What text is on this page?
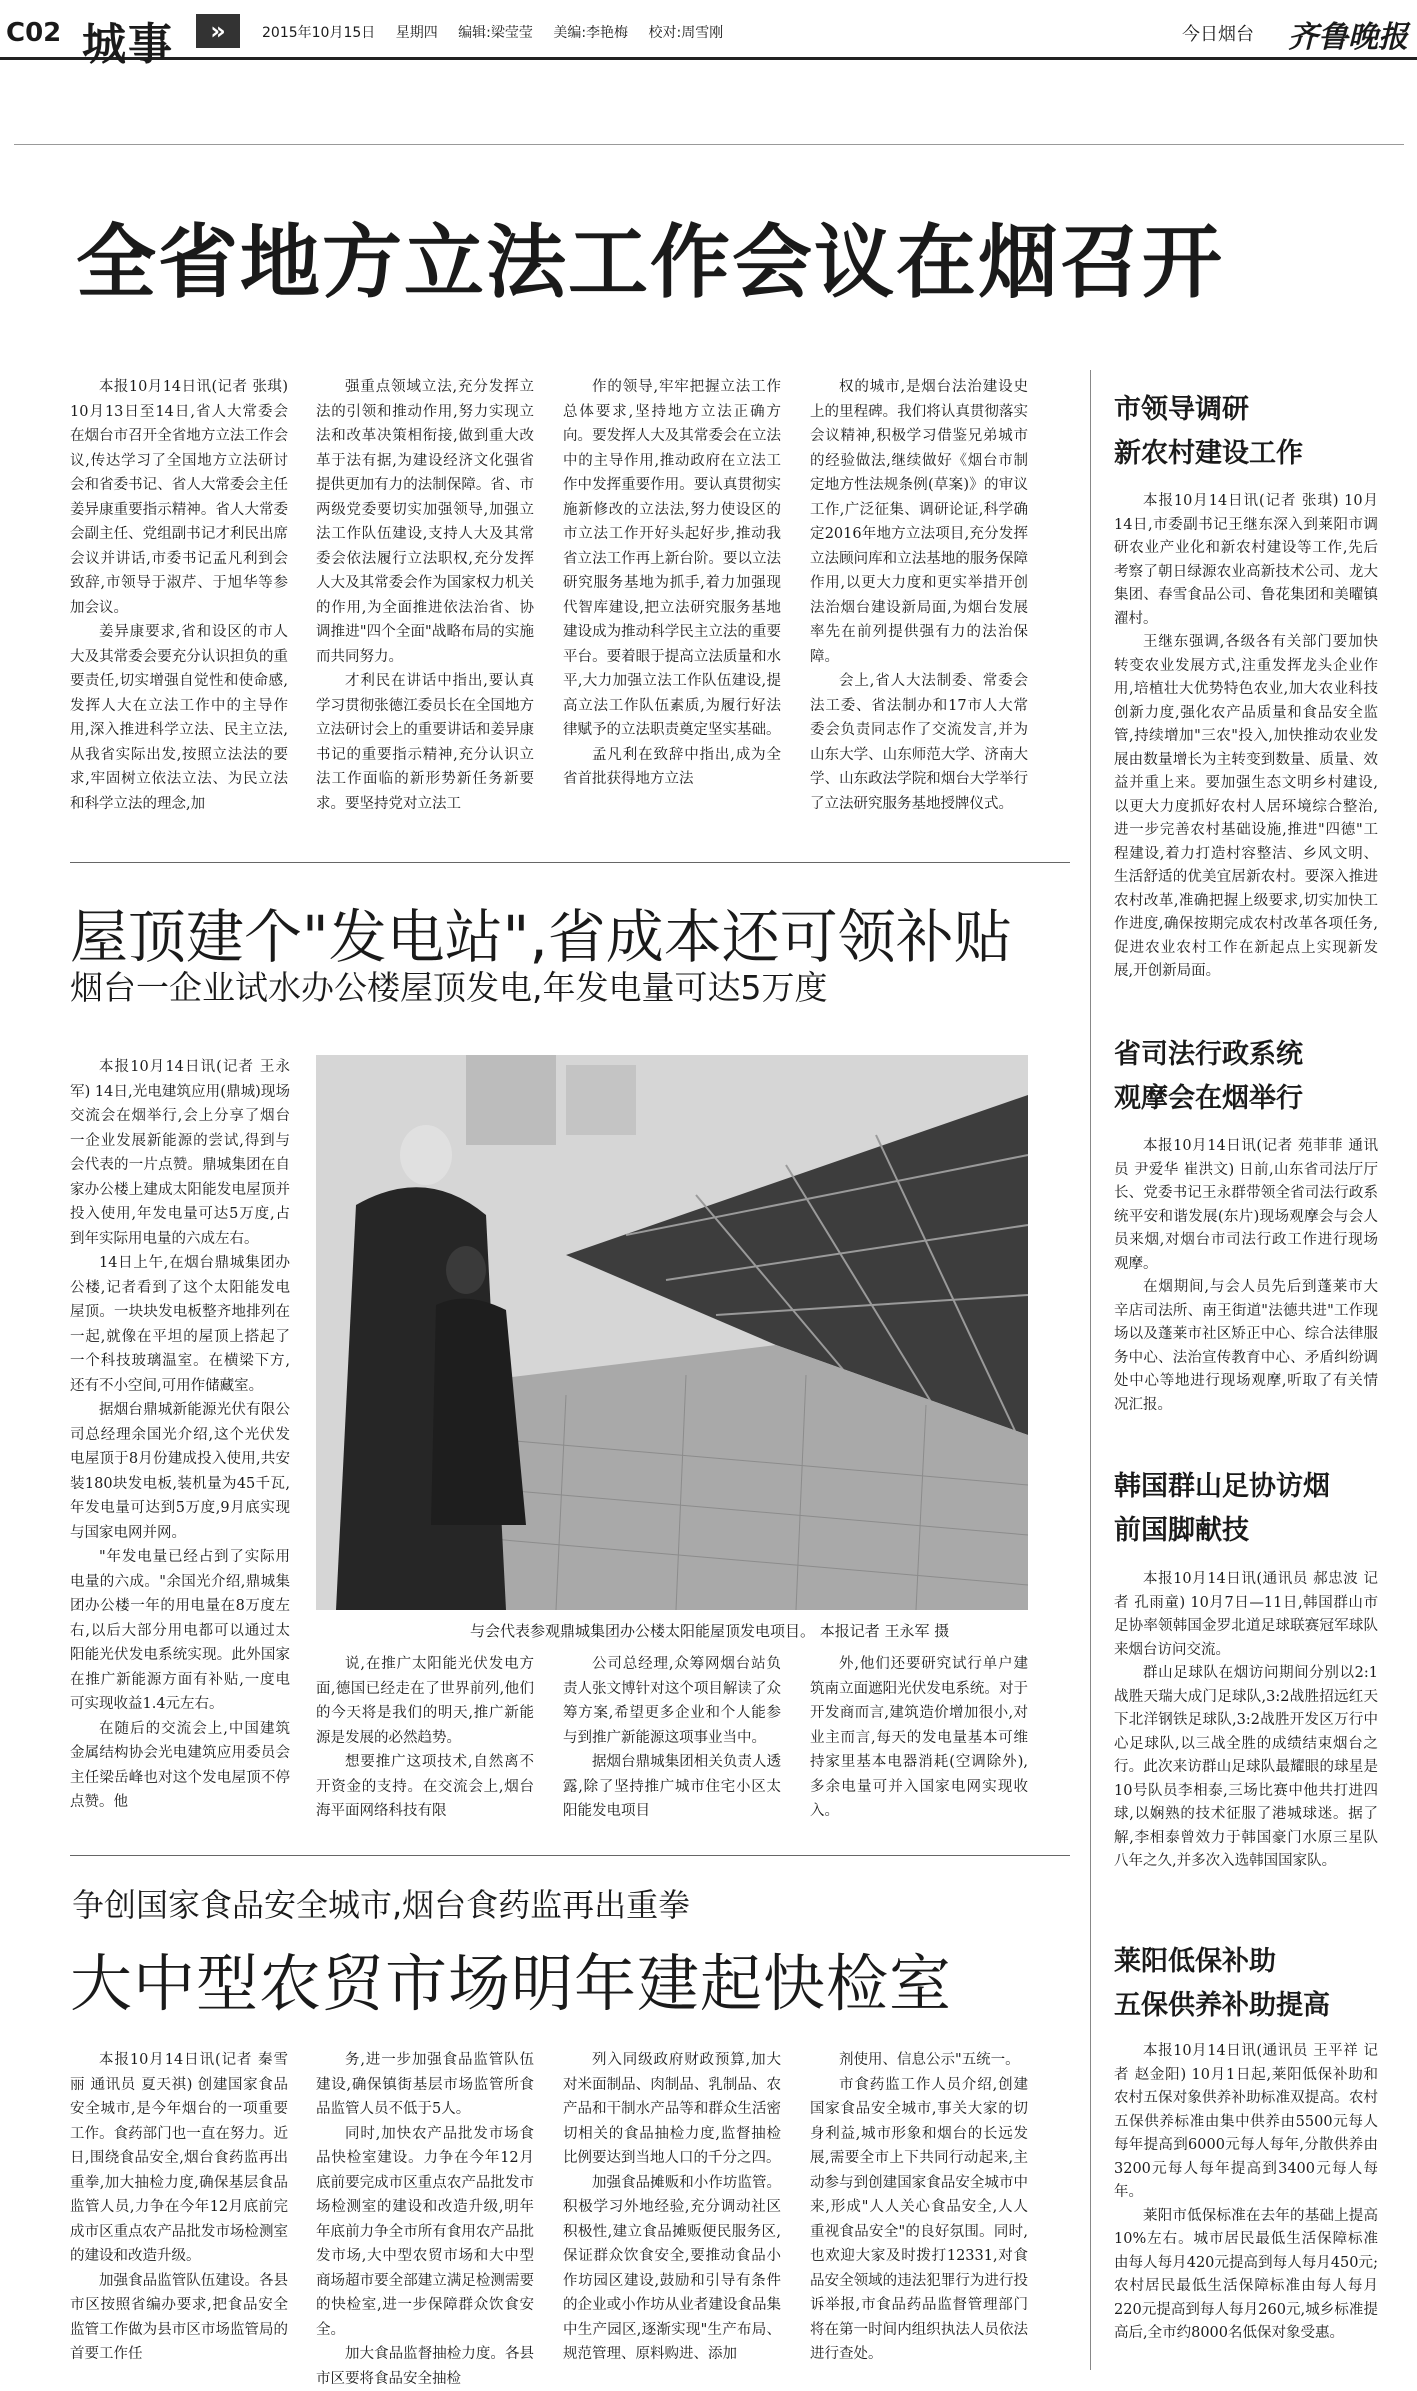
C02 城事	»	2015年10月15日 星期四 编辑:梁莹莹 美编:李艳梅 校对:周雪刚	今日烟台 齐鲁晚报
全省地方立法工作会议在烟召开

本报10月14日讯(记者 张琪) 10月13日至14日,省人大常委会在烟台市召开全省地方立法工作会议,传达学习了全国地方立法研讨会和省委书记、省人大常委会主任姜异康重要指示精神。省人大常委会副主任、党组副书记才利民出席会议并讲话,市委书记孟凡利到会致辞,市领导于淑芹、于旭华等参加会议。

姜异康要求,省和设区的市人大及其常委会要充分认识担负的重要责任,切实增强自觉性和使命感,发挥人大在立法工作中的主导作用,深入推进科学立法、民主立法,从我省实际出发,按照立法法的要求,牢固树立依法立法、为民立法和科学立法的理念,加

强重点领域立法,充分发挥立法的引领和推动作用,努力实现立法和改革决策相衔接,做到重大改革于法有据,为建设经济文化强省提供更加有力的法制保障。省、市两级党委要切实加强领导,加强立法工作队伍建设,支持人大及其常委会依法履行立法职权,充分发挥人大及其常委会作为国家权力机关的作用,为全面推进依法治省、协调推进"四个全面"战略布局的实施而共同努力。

才利民在讲话中指出,要认真学习贯彻张德江委员长在全国地方立法研讨会上的重要讲话和姜异康书记的重要指示精神,充分认识立法工作面临的新形势新任务新要求。要坚持党对立法工

作的领导,牢牢把握立法工作总体要求,坚持地方立法正确方向。要发挥人大及其常委会在立法中的主导作用,推动政府在立法工作中发挥重要作用。要认真贯彻实施新修改的立法法,努力使设区的市立法工作开好头起好步,推动我省立法工作再上新台阶。要以立法研究服务基地为抓手,着力加强现代智库建设,把立法研究服务基地建设成为推动科学民主立法的重要平台。要着眼于提高立法质量和水平,大力加强立法工作队伍建设,提高立法工作队伍素质,为履行好法律赋予的立法职责奠定坚实基础。

孟凡利在致辞中指出,成为全省首批获得地方立法

权的城市,是烟台法治建设史上的里程碑。我们将认真贯彻落实会议精神,积极学习借鉴兄弟城市的经验做法,继续做好《烟台市制定地方性法规条例(草案)》的审议工作,广泛征集、调研论证,科学确定2016年地方立法项目,充分发挥立法顾问库和立法基地的服务保障作用,以更大力度和更实举措开创法治烟台建设新局面,为烟台发展率先在前列提供强有力的法治保障。

会上,省人大法制委、常委会法工委、省法制办和17市人大常委会负责同志作了交流发言,并为山东大学、山东师范大学、济南大学、山东政法学院和烟台大学举行了立法研究服务基地授牌仪式。

屋顶建个"发电站",省成本还可领补贴
烟台一企业试水办公楼屋顶发电,年发电量可达5万度

本报10月14日讯(记者 王永军) 14日,光电建筑应用(鼎城)现场交流会在烟举行,会上分享了烟台一企业发展新能源的尝试,得到与会代表的一片点赞。鼎城集团在自家办公楼上建成太阳能发电屋顶并投入使用,年发电量可达5万度,占到年实际用电量的六成左右。

14日上午,在烟台鼎城集团办公楼,记者看到了这个太阳能发电屋顶。一块块发电板整齐地排列在一起,就像在平坦的屋顶上搭起了一个科技玻璃温室。在横梁下方,还有不小空间,可用作储藏室。

据烟台鼎城新能源光伏有限公司总经理余国光介绍,这个光伏发电屋顶于8月份建成投入使用,共安装180块发电板,装机量为45千瓦,年发电量可达到5万度,9月底实现与国家电网并网。

"年发电量已经占到了实际用电量的六成。"余国光介绍,鼎城集团办公楼一年的用电量在8万度左右,以后大部分用电都可以通过太阳能光伏发电系统实现。此外国家在推广新能源方面有补贴,一度电可实现收益1.4元左右。

在随后的交流会上,中国建筑金属结构协会光电建筑应用委员会主任梁岳峰也对这个发电屋顶不停点赞。他

与会代表参观鼎城集团办公楼太阳能屋顶发电项目。 本报记者 王永军 摄

说,在推广太阳能光伏发电方面,德国已经走在了世界前列,他们的今天将是我们的明天,推广新能源是发展的必然趋势。

想要推广这项技术,自然离不开资金的支持。在交流会上,烟台海平面网络科技有限

公司总经理,众筹网烟台站负责人张文博针对这个项目解读了众筹方案,希望更多企业和个人能参与到推广新能源这项事业当中。

据烟台鼎城集团相关负责人透露,除了坚持推广城市住宅小区太阳能发电项目

外,他们还要研究试行单户建筑南立面遮阳光伏发电系统。对于开发商而言,建筑造价增加很小,对业主而言,每天的发电量基本可维持家里基本电器消耗(空调除外),多余电量可并入国家电网实现收入。

争创国家食品安全城市,烟台食药监再出重拳
大中型农贸市场明年建起快检室

本报10月14日讯(记者 秦雪丽 通讯员 夏天祺) 创建国家食品安全城市,是今年烟台的一项重要工作。食药部门也一直在努力。近日,围绕食品安全,烟台食药监再出重拳,加大抽检力度,确保基层食品监管人员,力争在今年12月底前完成市区重点农产品批发市场检测室的建设和改造升级。

加强食品监管队伍建设。各县市区按照省编办要求,把食品安全监管工作做为县市区市场监管局的首要工作任

务,进一步加强食品监管队伍建设,确保镇街基层市场监管所食品监管人员不低于5人。

同时,加快农产品批发市场食品快检室建设。力争在今年12月底前要完成市区重点农产品批发市场检测室的建设和改造升级,明年年底前力争全市所有食用农产品批发市场,大中型农贸市场和大中型商场超市要全部建立满足检测需要的快检室,进一步保障群众饮食安全。

加大食品监督抽检力度。各县市区要将食品安全抽检

列入同级政府财政预算,加大对米面制品、肉制品、乳制品、农产品和干制水产品等和群众生活密切相关的食品抽检力度,监督抽检比例要达到当地人口的千分之四。

加强食品摊贩和小作坊监管。积极学习外地经验,充分调动社区积极性,建立食品摊贩便民服务区,保证群众饮食安全,要推动食品小作坊园区建设,鼓励和引导有条件的企业或小作坊从业者建设食品集中生产园区,逐渐实现"生产布局、规范管理、原料购进、添加

剂使用、信息公示"五统一。

市食药监工作人员介绍,创建国家食品安全城市,事关大家的切身利益,城市形象和烟台的长远发展,需要全市上下共同行动起来,主动参与到创建国家食品安全城市中来,形成"人人关心食品安全,人人重视食品安全"的良好氛围。同时,也欢迎大家及时拨打12331,对食品安全领域的违法犯罪行为进行投诉举报,市食品药品监督管理部门将在第一时间内组织执法人员依法进行查处。

市领导调研
新农村建设工作

本报10月14日讯(记者 张琪) 10月14日,市委副书记王继东深入到莱阳市调研农业产业化和新农村建设等工作,先后考察了朝日绿源农业高新技术公司、龙大集团、春雪食品公司、鲁花集团和美曜镇濯村。

王继东强调,各级各有关部门要加快转变农业发展方式,注重发挥龙头企业作用,培植壮大优势特色农业,加大农业科技创新力度,强化农产品质量和食品安全监管,持续增加"三农"投入,加快推动农业发展由数量增长为主转变到数量、质量、效益并重上来。要加强生态文明乡村建设,以更大力度抓好农村人居环境综合整治,进一步完善农村基础设施,推进"四德"工程建设,着力打造村容整洁、乡风文明、生活舒适的优美宜居新农村。要深入推进农村改革,准确把握上级要求,切实加快工作进度,确保按期完成农村改革各项任务,促进农业农村工作在新起点上实现新发展,开创新局面。

省司法行政系统
观摩会在烟举行

本报10月14日讯(记者 苑菲菲 通讯员 尹爱华 崔洪文) 日前,山东省司法厅厅长、党委书记王永群带领全省司法行政系统平安和谐发展(东片)现场观摩会与会人员来烟,对烟台市司法行政工作进行现场观摩。

在烟期间,与会人员先后到蓬莱市大辛店司法所、南王街道"法德共进"工作现场以及蓬莱市社区矫正中心、综合法律服务中心、法治宣传教育中心、矛盾纠纷调处中心等地进行现场观摩,听取了有关情况汇报。

韩国群山足协访烟
前国脚献技

本报10月14日讯(通讯员 郝忠波 记者 孔雨童) 10月7日—11日,韩国群山市足协率领韩国金罗北道足球联赛冠军球队来烟台访问交流。

群山足球队在烟访问期间分别以2:1战胜天瑞大成门足球队,3:2战胜招远红天下北洋钢铁足球队,3:2战胜开发区万行中心足球队,以三战全胜的成绩结束烟台之行。此次来访群山足球队最耀眼的球星是10号队员李相泰,三场比赛中他共打进四球,以娴熟的技术征服了港城球迷。据了解,李相泰曾效力于韩国豪门水原三星队八年之久,并多次入选韩国国家队。

莱阳低保补助
五保供养补助提高

本报10月14日讯(通讯员 王平祥 记者 赵金阳) 10月1日起,莱阳低保补助和农村五保对象供养补助标准双提高。农村五保供养标准由集中供养由5500元每人每年提高到6000元每人每年,分散供养由3200元每人每年提高到3400元每人每年。

莱阳市低保标准在去年的基础上提高10%左右。城市居民最低生活保障标准由每人每月420元提高到每人每月450元;农村居民最低生活保障标准由每人每月220元提高到每人每月260元,城乡标准提高后,全市约8000名低保对象受惠。
